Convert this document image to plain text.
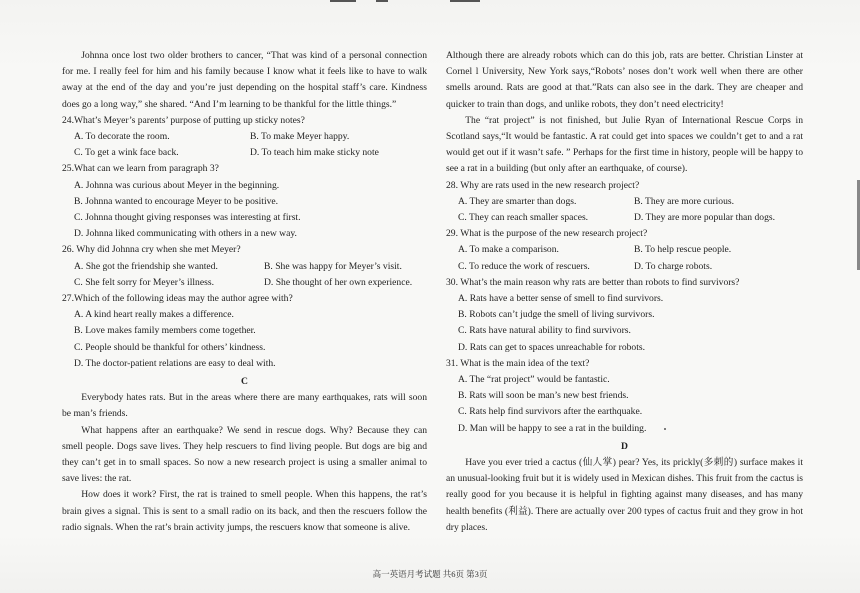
Johnna once lost two older brothers to cancer, “That was kind of a personal connection for me. I really feel for him and his family because I know what it feels like to have to walk away at the end of the day and you’re just depending on the hospital staff’s care. Kindness does go a long way,” she shared. “And I’m learning to be thankful for the little things.”

24.What’s Meyer’s parents’ purpose of putting up sticky notes?

A. To decorate the room.	B. To make Meyer happy.
C. To get a wink face back.	D. To teach him make sticky note

25.What can we learn from paragraph 3?

A. Johnna was curious about Meyer in the beginning.

B. Johnna wanted to encourage Meyer to be positive.

C. Johnna thought giving responses was interesting at first.

D. Johnna liked communicating with others in a new way.

26. Why did Johnna cry when she met Meyer?

A. She got the friendship she wanted.	B. She was happy for Meyer’s visit.
C. She felt sorry for Meyer’s illness.	D. She thought of her own experience.

27.Which of the following ideas may the author agree with?

A. A kind heart really makes a difference.

B. Love makes family members come together.

C. People should be thankful for others’ kindness.

D. The doctor-patient relations are easy to deal with.

C

Everybody hates rats. But in the areas where there are many earthquakes, rats will soon be man’s friends.

What happens after an earthquake? We send in rescue dogs. Why? Because they can smell people. Dogs save lives. They help rescuers to find living people. But dogs are big and they can’t get in to small spaces. So now a new research project is using a smaller animal to save lives: the rat.

How does it work? First, the rat is trained to smell people. When this happens, the rat’s brain gives a signal. This is sent to a small radio on its back, and then the rescuers follow the radio signals. When the rat’s brain activity jumps, the rescuers know that someone is alive.

Although there are already robots which can do this job, rats are better. Christian Linster at Cornel l University, New York says,“Robots’ noses don’t work well when there are other smells around. Rats are good at that.”Rats can also see in the dark. They are cheaper and quicker to train than dogs, and unlike robots, they don’t need electricity!

The “rat project” is not finished, but Julie Ryan of International Rescue Corps in Scotland says,“It would be fantastic. A rat could get into spaces we couldn’t get to and a rat would get out if it wasn’t safe. ” Perhaps for the first time in history, people will be happy to see a rat in a building (but only after an earthquake, of course).

28. Why are rats used in the new research project?

A. They are smarter than dogs.	B. They are more curious.
C. They can reach smaller spaces.	D. They are more popular than dogs.

29. What is the purpose of the new research project?

A. To make a comparison.	B. To help rescue people.
C. To reduce the work of rescuers.	D. To charge robots.

30. What’s the main reason why rats are better than robots to find survivors?

A. Rats have a better sense of smell to find survivors.

B. Robots can’t judge the smell of living survivors.

C. Rats have natural ability to find survivors.

D. Rats can get to spaces unreachable for robots.

31. What is the main idea of the text?

A. The “rat project” would be fantastic.

B. Rats will soon be man’s new best friends.

C. Rats help find survivors after the earthquake.

D. Man will be happy to see a rat in the building.

D

Have you ever tried a cactus (仙人掌) pear? Yes, its prickly(多刺的) surface makes it an unusual-looking fruit but it is widely used in Mexican dishes. This fruit from the cactus is really good for you because it is helpful in fighting against many diseases, and has many health benefits (利益). There are actually over 200 types of cactus fruit and they grow in hot dry places.

高一英语月考试题 共6页 第3页
